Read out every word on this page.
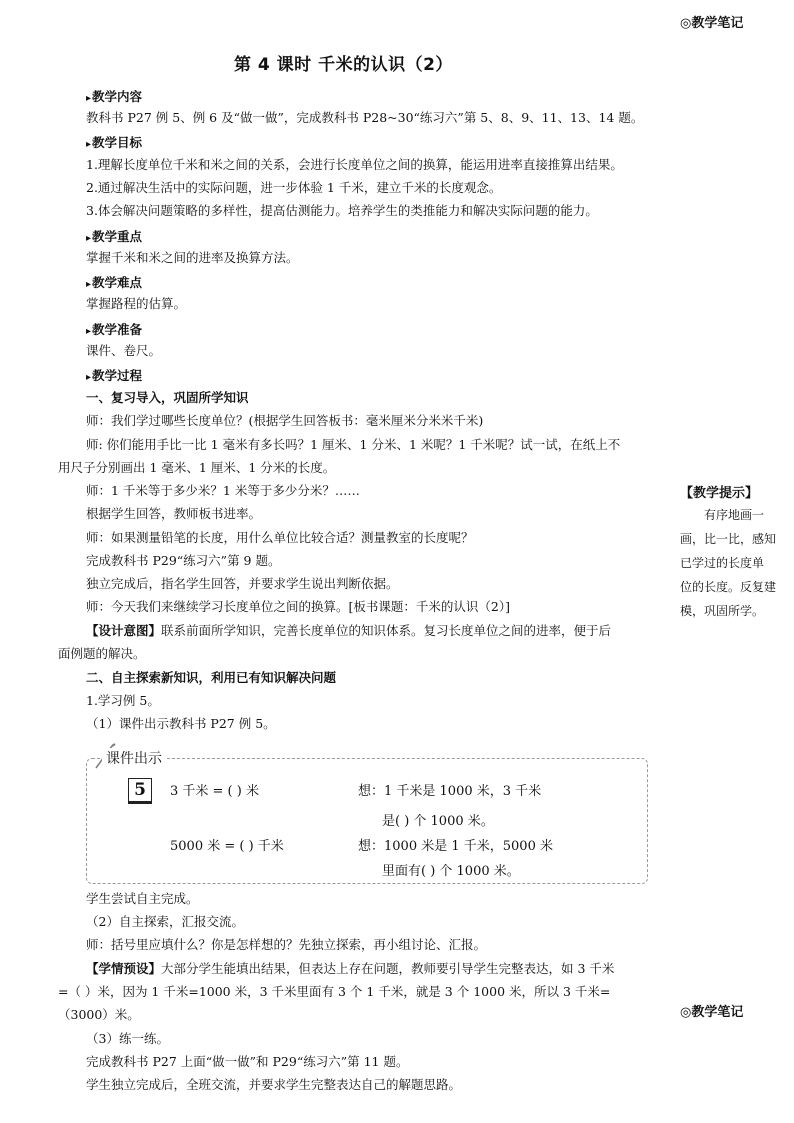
◎教学笔记
第 4 课时 千米的认识（2）
▸ 教学内容
教科书 P27 例 5、例 6 及“做一做”，完成教科书 P28~30“练习六”第 5、8、9、11、13、14 题。
▸ 教学目标
1.理解长度单位千米和米之间的关系，会进行长度单位之间的换算，能运用进率直接推算出结果。
2.通过解决生活中的实际问题，进一步体验 1 千米，建立千米的长度观念。
3.体会解决问题策略的多样性，提高估测能力。培养学生的类推能力和解决实际问题的能力。
▸ 教学重点
掌握千米和米之间的进率及换算方法。
▸ 教学难点
掌握路程的估算。
▸ 教学准备
课件、卷尺。
▸ 教学过程
一、复习导入，巩固所学知识
师：我们学过哪些长度单位？(根据学生回答板书：毫米厘米分米米千米)
师: 你们能用手比一比 1 毫米有多长吗？1 厘米、1 分米、1 米呢？1 千米呢？试一试，在纸上不
用尺子分别画出 1 毫米、1 厘米、1 分米的长度。
师：1 千米等于多少米？1 米等于多少分米？……
根据学生回答，教师板书进率。
师：如果测量铅笔的长度，用什么单位比较合适？测量教室的长度呢？
完成教科书 P29“练习六”第 9 题。
独立完成后，指名学生回答，并要求学生说出判断依据。
师：今天我们来继续学习长度单位之间的换算。[板书课题：千米的认识（2）]
【设计意图】联系前面所学知识，完善长度单位的知识体系。复习长度单位之间的进率，便于后
面例题的解决。
二、自主探索新知识，利用已有知识解决问题
1.学习例 5。
（1）课件出示教科书 P27 例 5。
课件出示
5	3 千米 = ( ) 米	想：1 千米是 1000 米，3 千米
是( ) 个 1000 米。
5000 米 = ( ) 千米	想：1000 米是 1 千米，5000 米
里面有( ) 个 1000 米。
学生尝试自主完成。
（2）自主探索，汇报交流。
师：括号里应填什么？你是怎样想的？先独立探索，再小组讨论、汇报。
【学情预设】大部分学生能填出结果，但表达上存在问题，教师要引导学生完整表达，如 3 千米
=（ ）米，因为 1 千米=1000 米，3 千米里面有 3 个 1 千米，就是 3 个 1000 米，所以 3 千米=
（3000）米。
（3）练一练。
完成教科书 P27 上面“做一做”和 P29“练习六”第 11 题。
学生独立完成后，全班交流，并要求学生完整表达自己的解题思路。
【教学提示】
有序地画一
画，比一比，感知
已学过的长度单
位的长度。反复建
模，巩固所学。
◎教学笔记
